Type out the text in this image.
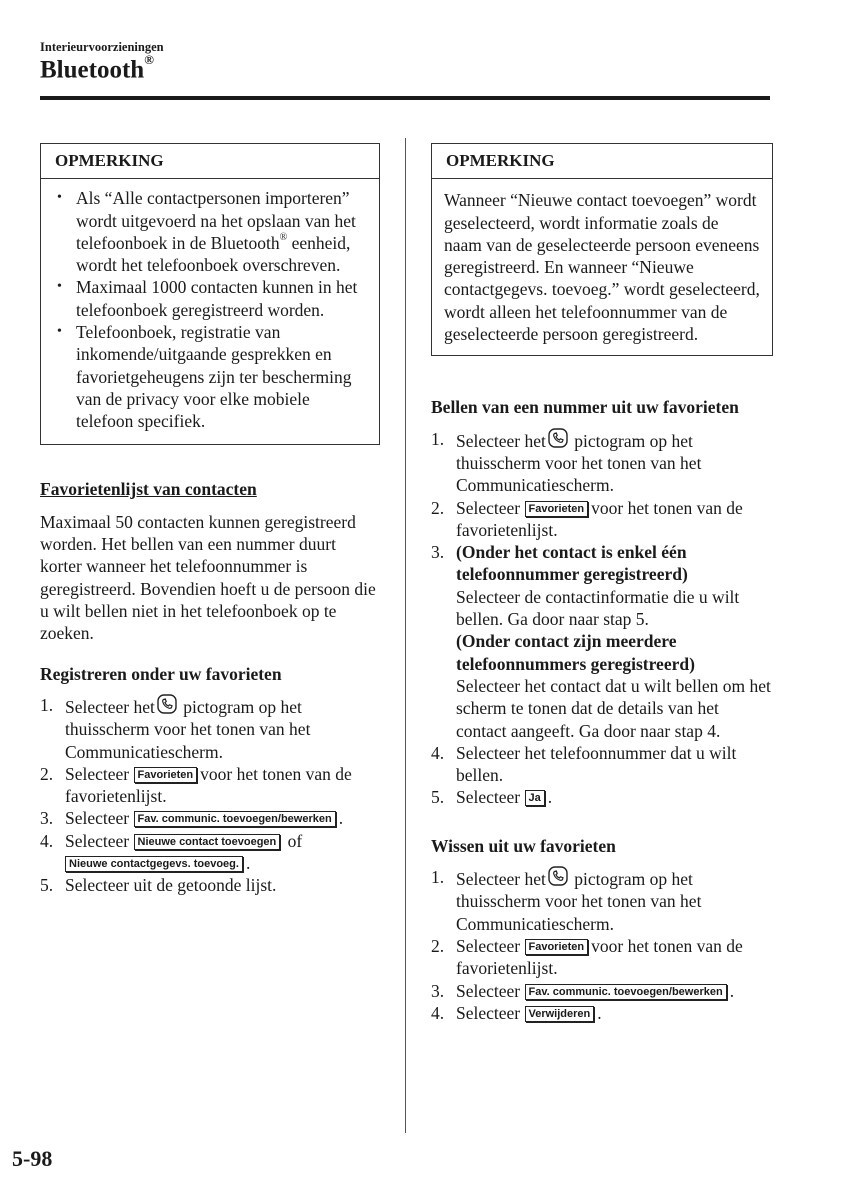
Interieurvoorzieningen
Bluetooth®
OPMERKING
• Als “Alle contactpersonen importeren” wordt uitgevoerd na het opslaan van het telefoonboek in de Bluetooth® eenheid, wordt het telefoonboek overschreven.
• Maximaal 1000 contacten kunnen in het telefoonboek geregistreerd worden.
• Telefoonboek, registratie van inkomende/uitgaande gesprekken en favorietgeheugens zijn ter bescherming van de privacy voor elke mobiele telefoon specifiek.
Favorietenlijst van contacten

Maximaal 50 contacten kunnen geregistreerd worden. Het bellen van een nummer duurt korter wanneer het telefoonnummer is geregistreerd. Bovendien hoeft u de persoon die u wilt bellen niet in het telefoonboek op te zoeken.

Registreren onder uw favorieten
1. Selecteer het pictogram op het thuisscherm voor het tonen van het Communicatiescherm.
2. Selecteer Favorieten voor het tonen van de favorietenlijst.
3. Selecteer Fav. communic. toevoegen/bewerken .
4. Selecteer Nieuwe contact toevoegen of
Nieuwe contactgegevs. toevoeg. .
5. Selecteer uit de getoonde lijst.
OPMERKING
Wanneer “Nieuwe contact toevoegen” wordt geselecteerd, wordt informatie zoals de naam van de geselecteerde persoon eveneens geregistreerd. En wanneer “Nieuwe contactgegevs. toevoeg.” wordt geselecteerd, wordt alleen het telefoonnummer van de geselecteerde persoon geregistreerd.
Bellen van een nummer uit uw favorieten
1. Selecteer het pictogram op het thuisscherm voor het tonen van het Communicatiescherm.
2. Selecteer Favorieten voor het tonen van de favorietenlijst.
3. (Onder het contact is enkel één telefoonnummer geregistreerd)
Selecteer de contactinformatie die u wilt bellen. Ga door naar stap 5.
(Onder contact zijn meerdere telefoonnummers geregistreerd)
Selecteer het contact dat u wilt bellen om het scherm te tonen dat de details van het contact aangeeft. Ga door naar stap 4.
4. Selecteer het telefoonnummer dat u wilt bellen.
5. Selecteer Ja .
Wissen uit uw favorieten
1. Selecteer het pictogram op het thuisscherm voor het tonen van het Communicatiescherm.
2. Selecteer Favorieten voor het tonen van de favorietenlijst.
3. Selecteer Fav. communic. toevoegen/bewerken .
4. Selecteer Verwijderen .
5-98
